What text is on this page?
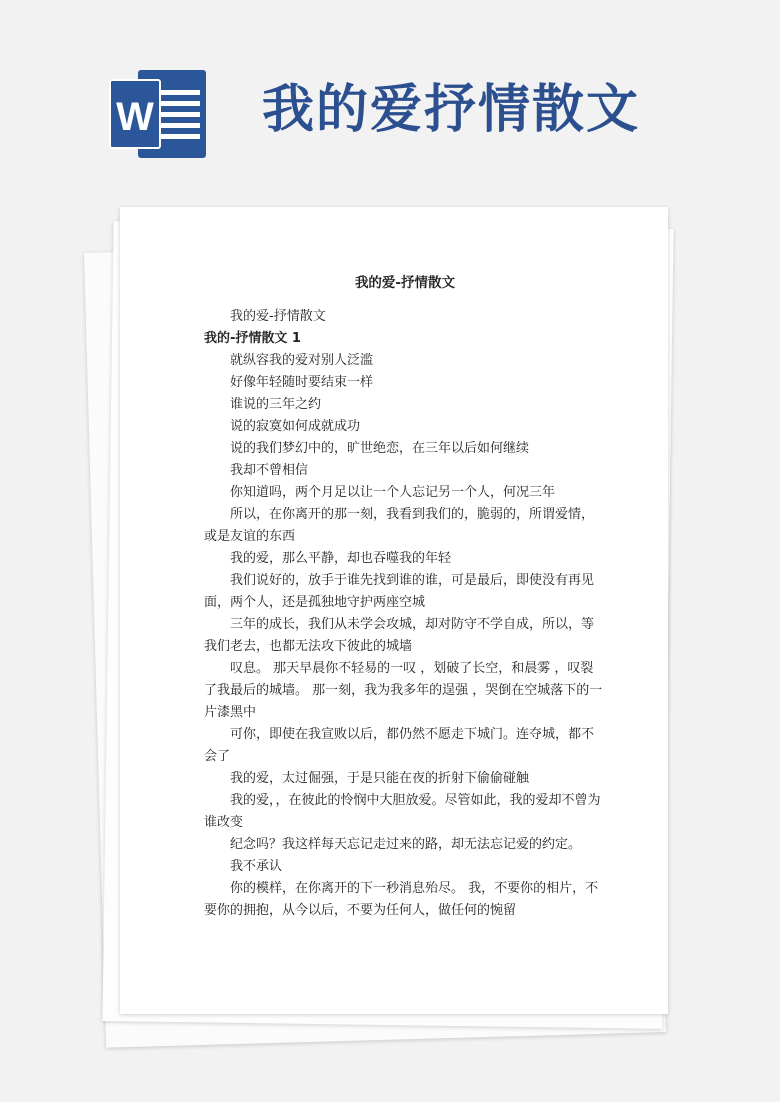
W 我的爱抒情散文
我的爱-抒情散文

我的爱-抒情散文

我的-抒情散文 1

就纵容我的爱对别人泛滥

好像年轻随时要结束一样

谁说的三年之约

说的寂寞如何成就成功

说的我们梦幻中的，旷世绝恋，在三年以后如何继续

我却不曾相信

你知道吗，两个月足以让一个人忘记另一个人，何况三年

所以，在你离开的那一刻，我看到我们的，脆弱的，所谓爱情，或是友谊的东西

我的爱，那么平静，却也吞噬我的年轻

我们说好的，放手于谁先找到谁的谁，可是最后，即使没有再见面，两个人，还是孤独地守护两座空城

三年的成长，我们从未学会攻城，却对防守不学自成，所以，等我们老去，也都无法攻下彼此的城墙

叹息。 那天早晨你不轻易的一叹 ，划破了长空，和晨雾 ，叹裂了我最后的城墙。 那一刻，我为我多年的逞强 ，哭倒在空城落下的一片漆黑中

可你，即使在我宣败以后，都仍然不愿走下城门。连夺城，都不会了

我的爱，太过倔强，于是只能在夜的折射下偷偷碰触

我的爱，，在彼此的怜悯中大胆放爱。尽管如此，我的爱却不曾为谁改变

纪念吗？我这样每天忘记走过来的路，却无法忘记爱的约定。

我不承认

你的模样，在你离开的下一秒消息殆尽。 我，不要你的相片，不要你的拥抱，从今以后，不要为任何人，做任何的惋留
